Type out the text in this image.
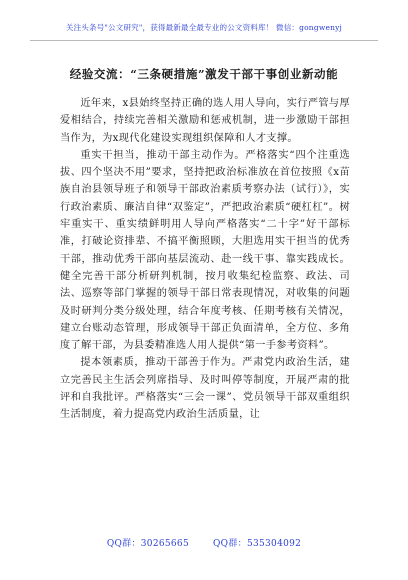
关注头条号"公文研究"，获得最新最全最专业的公文资料库！ 微信：gongwenyj
经验交流：“三条硬措施”激发干部干事创业新动能

近年来，x县始终坚持正确的选人用人导向，实行严管与厚爱相结合，持续完善相关激励和惩戒机制，进一步激励干部担当作为，为x现代化建设实现组织保障和人才支撑。

重实干担当，推动干部主动作为。严格落实“四个注重选拔、四个坚决不用”要求，坚持把政治标准放在首位按照《x苗族自治县领导班子和领导干部政治素质考察办法（试行）》，实行政治素质、廉洁自律“双鉴定”，严把政治素质“硬杠杠”。树牢重实干、重实绩鲜明用人导向严格落实“二十字”好干部标准，打破论资排辈、不搞平衡照顾，大胆选用实干担当的优秀干部，推动优秀干部向基层流动、赴一线干事、靠实践成长。健全完善干部分析研判机制，按月收集纪检监察、政法、司法、巡察等部门掌握的领导干部日常表现情况，对收集的问题及时研判分类分级处理，结合年度考核、任期考核有关情况，建立台账动态管理，形成领导干部正负面清单，全方位、多角度了解干部，为县委精准选人用人提供“第一手参考资料”。

提本领素质，推动干部善于作为。严肃党内政治生活，建立完善民主生活会列席指导、及时叫停等制度，开展严肃的批评和自我批评。严格落实“三会一课”、党员领导干部双重组织生活制度，着力提高党内政治生活质量，让

QQ群：30265665	QQ群：535304092
